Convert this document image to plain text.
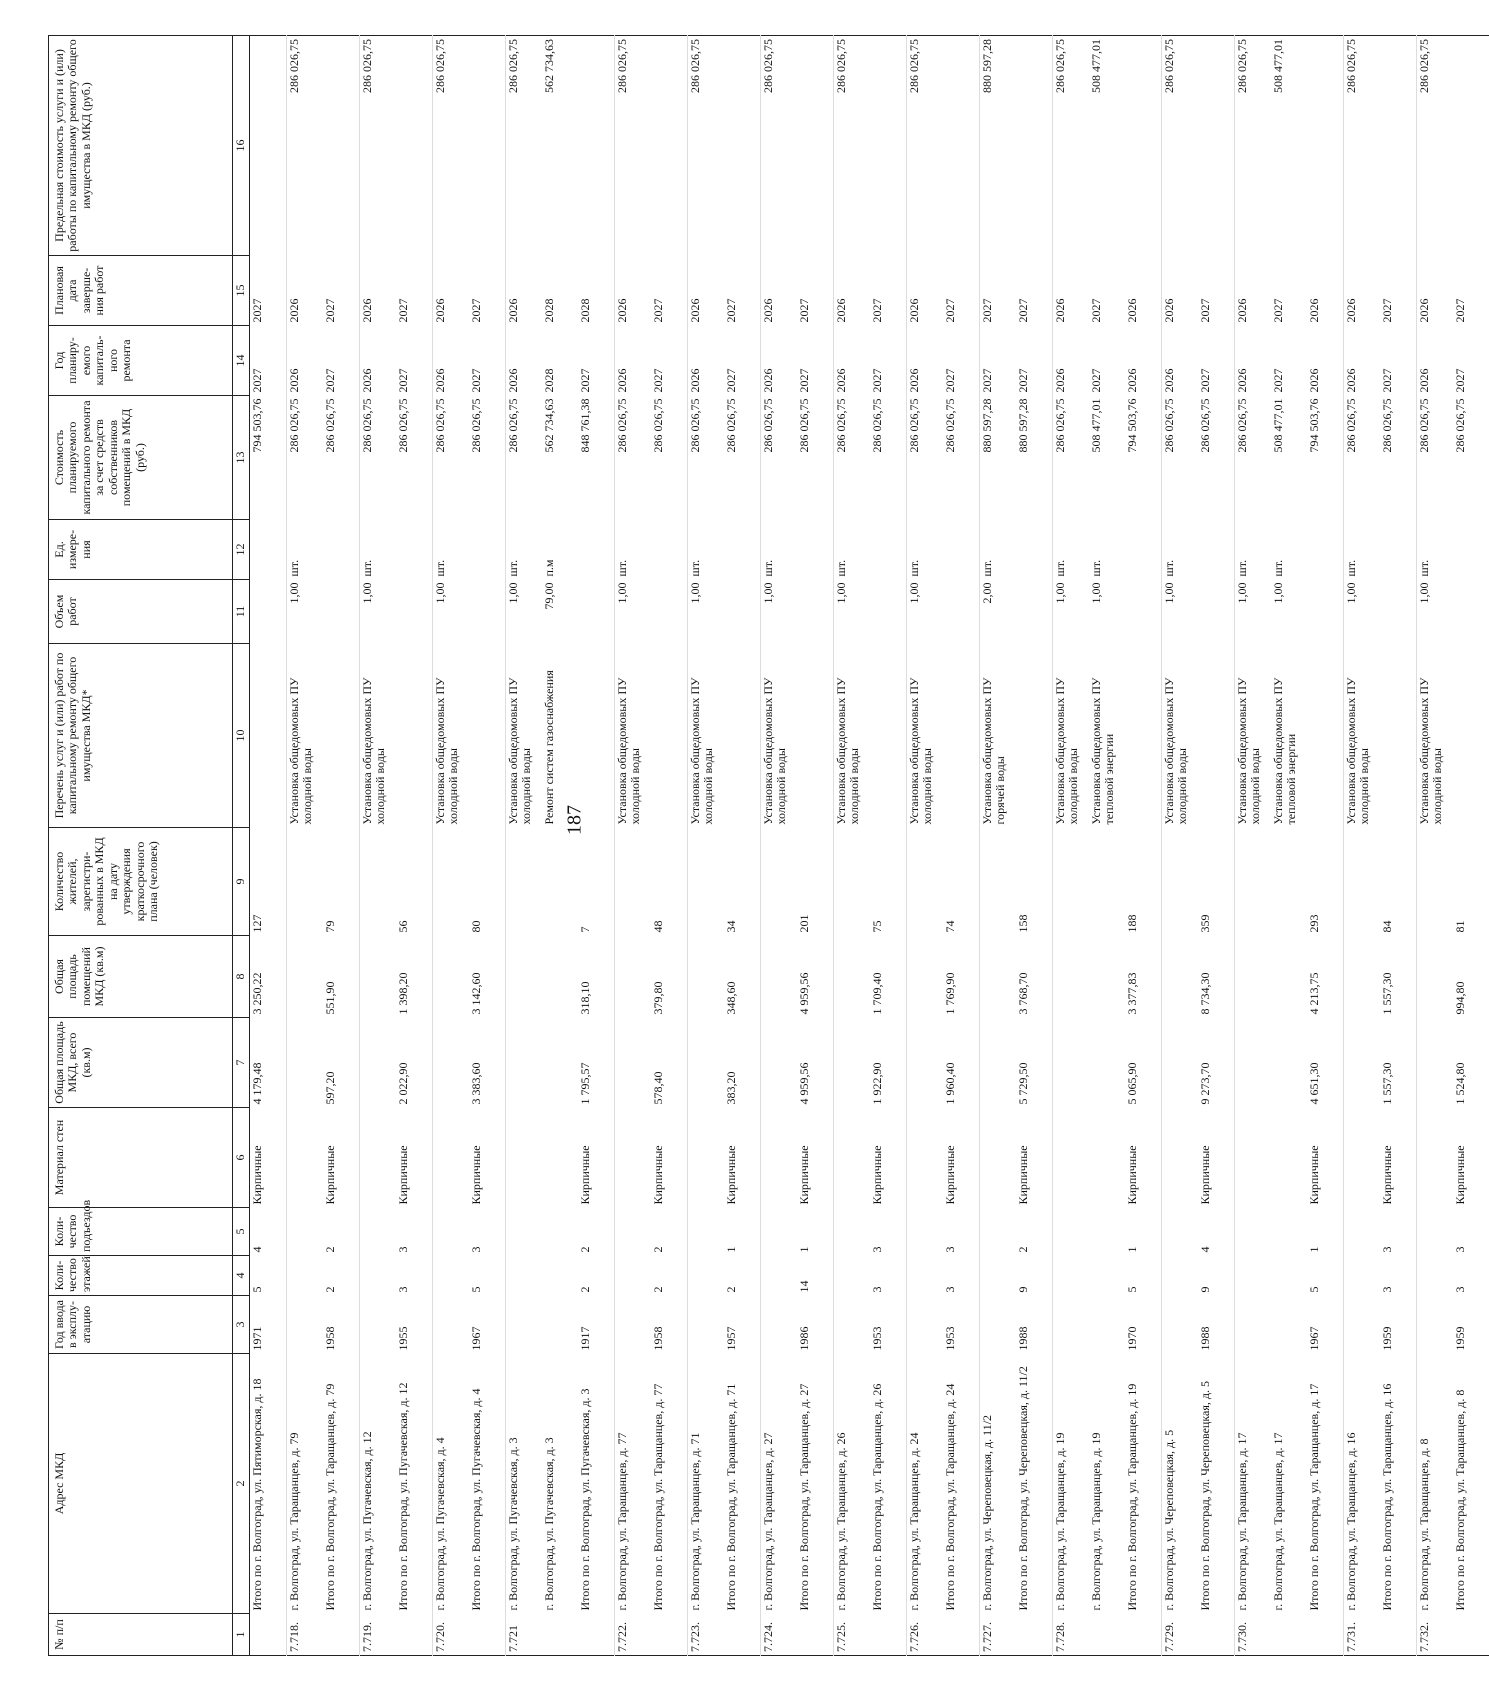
187
№ п/п	Адрес МКД	Год ввода в эксплу-атацию	Коли-чество этажей	Коли-чество подъездов	Материал стен	Общая площадь МКД, всего (кв.м)	Общая площадь помещений МКД (кв.м)	Количество жителей, зарегистри-рованных в МКД на дату утверждения краткосрочного плана (человек)	Перечень услуг и (или) работ по капитальному ремонту общего имущества МКД*	Объем работ	Ед. измере-ния	Стоимость планируемого капитального ремонта за счет средств собственников помещений в МКД (руб.)	Год планиру-емого капиталь-ного ремонта	Плановая дата заверше-ния работ	Предельная стоимость услуги и (или) работы по капитальному ремонту общего имущества в МКД (руб.)
1	2	3	4	5	6	7	8	9	10	11	12	13	14	15	16
	Итого по г. Волгоград, ул. Пятиморская, д. 18	1971	5	4	Кирпичные	4 179,48	3 250,22	127				794 503,76	2027	2027	
7.718.	г. Волгоград, ул. Таращанцев, д. 79								Установка общедомовых ПУ холодной воды	1,00	шт.	286 026,75	2026	2026	286 026,75
	Итого по г. Волгоград, ул. Таращанцев, д. 79	1958	2	2	Кирпичные	597,20	551,90	79				286 026,75	2027	2027	
7.719.	г. Волгоград, ул. Пугачевская, д. 12								Установка общедомовых ПУ холодной воды	1,00	шт.	286 026,75	2026	2026	286 026,75
	Итого по г. Волгоград, ул. Пугачевская, д. 12	1955	3	3	Кирпичные	2 022,90	1 398,20	56				286 026,75	2027	2027	
7.720.	г. Волгоград, ул. Пугачевская, д. 4								Установка общедомовых ПУ холодной воды	1,00	шт.	286 026,75	2026	2026	286 026,75
	Итого по г. Волгоград, ул. Пугачевская, д. 4	1967	5	3	Кирпичные	3 383,60	3 142,60	80				286 026,75	2027	2027	
7.721	г. Волгоград, ул. Пугачевская, д. 3								Установка общедомовых ПУ холодной воды	1,00	шт.	286 026,75	2026	2026	286 026,75
	г. Волгоград, ул. Пугачевская, д. 3								Ремонт систем газоснабжения	79,00	п.м	562 734,63	2028	2028	562 734,63
	Итого по г. Волгоград, ул. Пугачевская, д. 3	1917	2	2	Кирпичные	1 795,57	318,10	7				848 761,38	2027	2028	
7.722.	г. Волгоград, ул. Таращанцев, д. 77								Установка общедомовых ПУ холодной воды	1,00	шт.	286 026,75	2026	2026	286 026,75
	Итого по г. Волгоград, ул. Таращанцев, д. 77	1958	2	2	Кирпичные	578,40	379,80	48				286 026,75	2027	2027	
7.723.	г. Волгоград, ул. Таращанцев, д. 71								Установка общедомовых ПУ холодной воды	1,00	шт.	286 026,75	2026	2026	286 026,75
	Итого по г. Волгоград, ул. Таращанцев, д. 71	1957	2	1	Кирпичные	383,20	348,60	34				286 026,75	2027	2027	
7.724.	г. Волгоград, ул. Таращанцев, д. 27								Установка общедомовых ПУ холодной воды	1,00	шт.	286 026,75	2026	2026	286 026,75
	Итого по г. Волгоград, ул. Таращанцев, д. 27	1986	14	1	Кирпичные	4 959,56	4 959,56	201				286 026,75	2027	2027	
7.725.	г. Волгоград, ул. Таращанцев, д. 26								Установка общедомовых ПУ холодной воды	1,00	шт.	286 026,75	2026	2026	286 026,75
	Итого по г. Волгоград, ул. Таращанцев, д. 26	1953	3	3	Кирпичные	1 922,90	1 709,40	75				286 026,75	2027	2027	
7.726.	г. Волгоград, ул. Таращанцев, д. 24								Установка общедомовых ПУ холодной воды	1,00	шт.	286 026,75	2026	2026	286 026,75
	Итого по г. Волгоград, ул. Таращанцев, д. 24	1953	3	3	Кирпичные	1 960,40	1 769,90	74				286 026,75	2027	2027	
7.727.	г. Волгоград, ул. Череповецкая, д. 11/2								Установка общедомовых ПУ горячей воды	2,00	шт.	880 597,28	2027	2027	880 597,28
	Итого по г. Волгоград, ул. Череповецкая, д. 11/2	1988	9	2	Кирпичные	5 729,50	3 768,70	158				880 597,28	2027	2027	
7.728.	г. Волгоград, ул. Таращанцев, д. 19								Установка общедомовых ПУ холодной воды	1,00	шт.	286 026,75	2026	2026	286 026,75
	г. Волгоград, ул. Таращанцев, д. 19								Установка общедомовых ПУ тепловой энергии	1,00	шт.	508 477,01	2027	2027	508 477,01
	Итого по г. Волгоград, ул. Таращанцев, д. 19	1970	5	1	Кирпичные	5 065,90	3 377,83	188				794 503,76	2026	2026	
7.729.	г. Волгоград, ул. Череповецкая, д. 5								Установка общедомовых ПУ холодной воды	1,00	шт.	286 026,75	2026	2026	286 026,75
	Итого по г. Волгоград, ул. Череповецкая, д. 5	1988	9	4	Кирпичные	9 273,70	8 734,30	359				286 026,75	2027	2027	
7.730.	г. Волгоград, ул. Таращанцев, д. 17								Установка общедомовых ПУ холодной воды	1,00	шт.	286 026,75	2026	2026	286 026,75
	г. Волгоград, ул. Таращанцев, д. 17								Установка общедомовых ПУ тепловой энергии	1,00	шт.	508 477,01	2027	2027	508 477,01
	Итого по г. Волгоград, ул. Таращанцев, д. 17	1967	5	1	Кирпичные	4 651,30	4 213,75	293				794 503,76	2026	2026	
7.731.	г. Волгоград, ул. Таращанцев, д. 16								Установка общедомовых ПУ холодной воды	1,00	шт.	286 026,75	2026	2026	286 026,75
	Итого по г. Волгоград, ул. Таращанцев, д. 16	1959	3	3	Кирпичные	1 557,30	1 557,30	84				286 026,75	2027	2027	
7.732.	г. Волгоград, ул. Таращанцев, д. 8								Установка общедомовых ПУ холодной воды	1,00	шт.	286 026,75	2026	2026	286 026,75
	Итого по г. Волгоград, ул. Таращанцев, д. 8	1959	3	3	Кирпичные	1 524,80	994,80	81				286 026,75	2027	2027	
